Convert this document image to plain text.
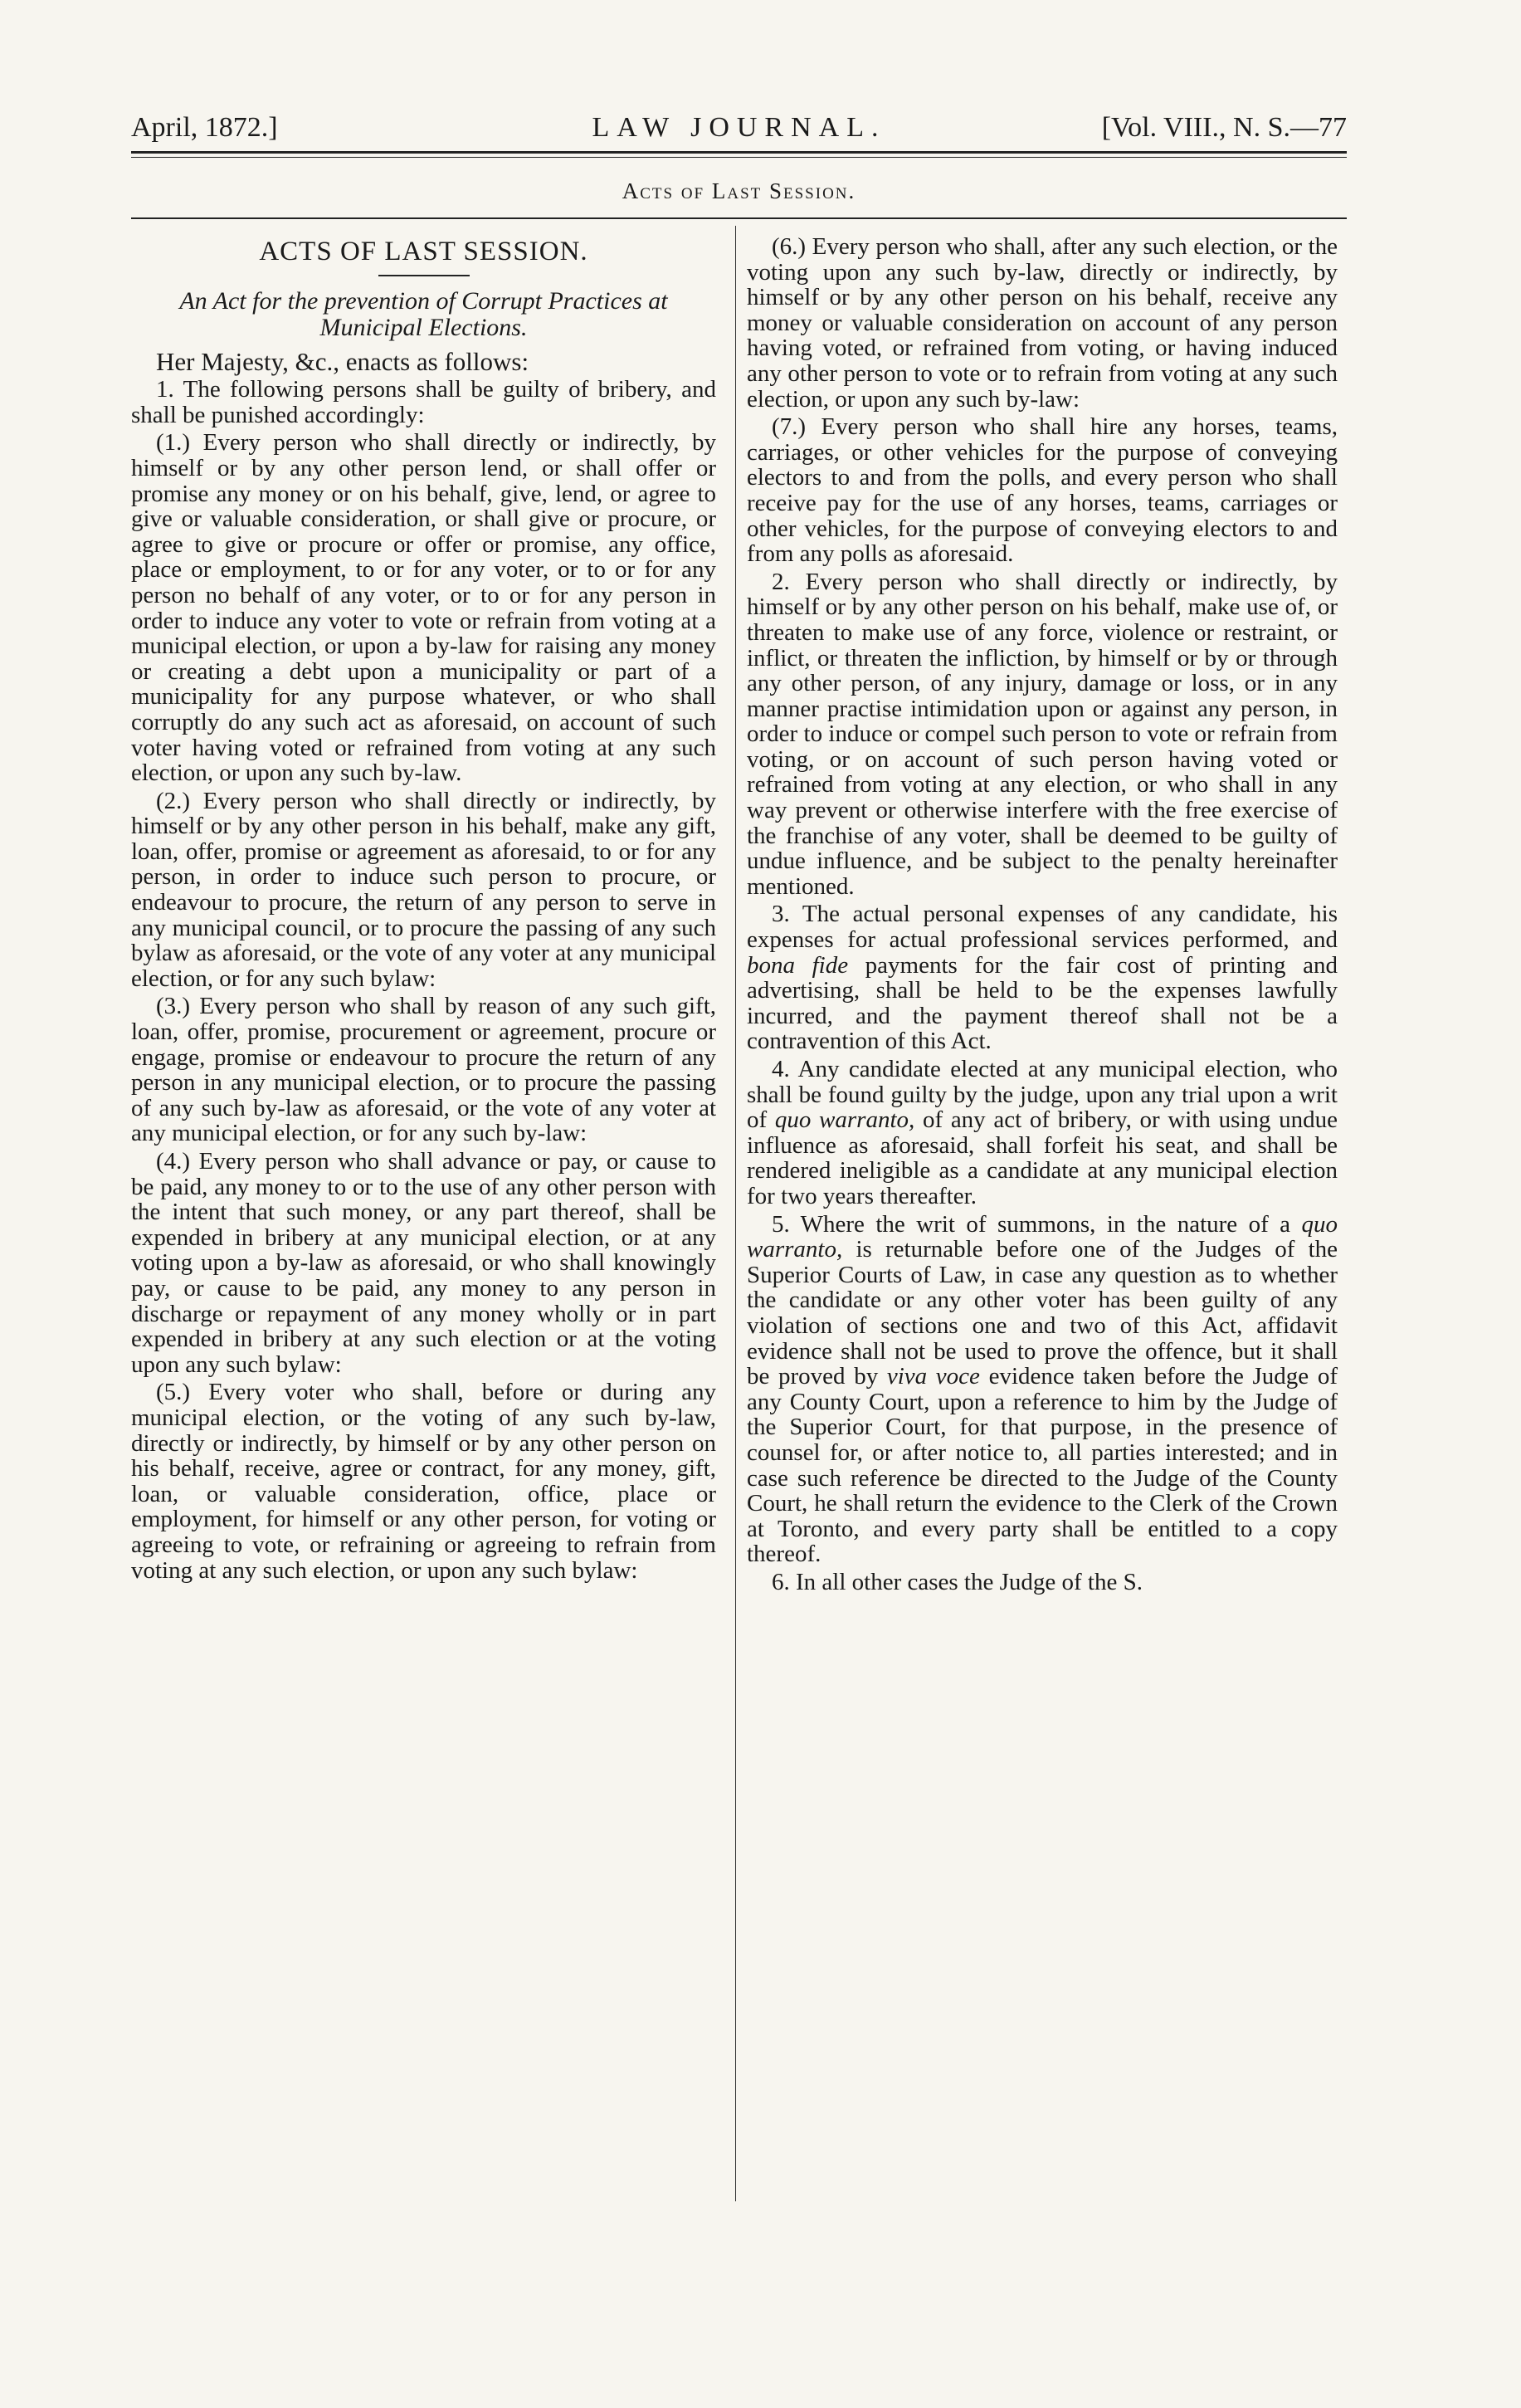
April, 1872.]	LAW JOURNAL.	[Vol. VIII., N. S.—77
Acts of Last Session.
ACTS OF LAST SESSION.
An Act for the prevention of Corrupt Practices at Municipal Elections.

Her Majesty, &c., enacts as follows:

1. The following persons shall be guilty of bribery, and shall be punished accordingly:

(1.) Every person who shall directly or indirectly, by himself or by any other person lend, or shall offer or promise any money or on his behalf, give, lend, or agree to give or valuable consideration, or shall give or procure, or agree to give or procure or offer or promise, any office, place or employment, to or for any voter, or to or for any person no behalf of any voter, or to or for any person in order to induce any voter to vote or refrain from voting at a municipal election, or upon a by-law for raising any money or creating a debt upon a municipality or part of a municipality for any purpose whatever, or who shall corruptly do any such act as aforesaid, on account of such voter having voted or refrained from voting at any such election, or upon any such by-law.

(2.) Every person who shall directly or indirectly, by himself or by any other person in his behalf, make any gift, loan, offer, promise or agreement as aforesaid, to or for any person, in order to induce such person to procure, or endeavour to procure, the return of any person to serve in any municipal council, or to procure the passing of any such bylaw as aforesaid, or the vote of any voter at any municipal election, or for any such bylaw:

(3.) Every person who shall by reason of any such gift, loan, offer, promise, procurement or agreement, procure or engage, promise or endeavour to procure the return of any person in any municipal election, or to procure the passing of any such by-law as aforesaid, or the vote of any voter at any municipal election, or for any such by-law:

(4.) Every person who shall advance or pay, or cause to be paid, any money to or to the use of any other person with the intent that such money, or any part thereof, shall be expended in bribery at any municipal election, or at any voting upon a by-law as aforesaid, or who shall knowingly pay, or cause to be paid, any money to any person in discharge or repayment of any money wholly or in part expended in bribery at any such election or at the voting upon any such bylaw:

(5.) Every voter who shall, before or during any municipal election, or the voting of any such by-law, directly or indirectly, by himself or by any other person on his behalf, receive, agree or contract, for any money, gift, loan, or valuable consideration, office, place or employment, for himself or any other person, for voting or agreeing to vote, or refraining or agreeing to refrain from voting at any such election, or upon any such bylaw:

(6.) Every person who shall, after any such election, or the voting upon any such by-law, directly or indirectly, by himself or by any other person on his behalf, receive any money or valuable consideration on account of any person having voted, or refrained from voting, or having induced any other person to vote or to refrain from voting at any such election, or upon any such by-law:

(7.) Every person who shall hire any horses, teams, carriages, or other vehicles for the purpose of conveying electors to and from the polls, and every person who shall receive pay for the use of any horses, teams, carriages or other vehicles, for the purpose of conveying electors to and from any polls as aforesaid.

2. Every person who shall directly or indirectly, by himself or by any other person on his behalf, make use of, or threaten to make use of any force, violence or restraint, or inflict, or threaten the infliction, by himself or by or through any other person, of any injury, damage or loss, or in any manner practise intimidation upon or against any person, in order to induce or compel such person to vote or refrain from voting, or on account of such person having voted or refrained from voting at any election, or who shall in any way prevent or otherwise interfere with the free exercise of the franchise of any voter, shall be deemed to be guilty of undue influence, and be subject to the penalty hereinafter mentioned.

3. The actual personal expenses of any candidate, his expenses for actual professional services performed, and bona fide payments for the fair cost of printing and advertising, shall be held to be the expenses lawfully incurred, and the payment thereof shall not be a contravention of this Act.

4. Any candidate elected at any municipal election, who shall be found guilty by the judge, upon any trial upon a writ of quo warranto, of any act of bribery, or with using undue influence as aforesaid, shall forfeit his seat, and shall be rendered ineligible as a candidate at any municipal election for two years thereafter.

5. Where the writ of summons, in the nature of a quo warranto, is returnable before one of the Judges of the Superior Courts of Law, in case any question as to whether the candidate or any other voter has been guilty of any violation of sections one and two of this Act, affidavit evidence shall not be used to prove the offence, but it shall be proved by viva voce evidence taken before the Judge of any County Court, upon a reference to him by the Judge of the Superior Court, for that purpose, in the presence of counsel for, or after notice to, all parties interested; and in case such reference be directed to the Judge of the County Court, he shall return the evidence to the Clerk of the Crown at Toronto, and every party shall be entitled to a copy thereof.

6. In all other cases the Judge of the S.
